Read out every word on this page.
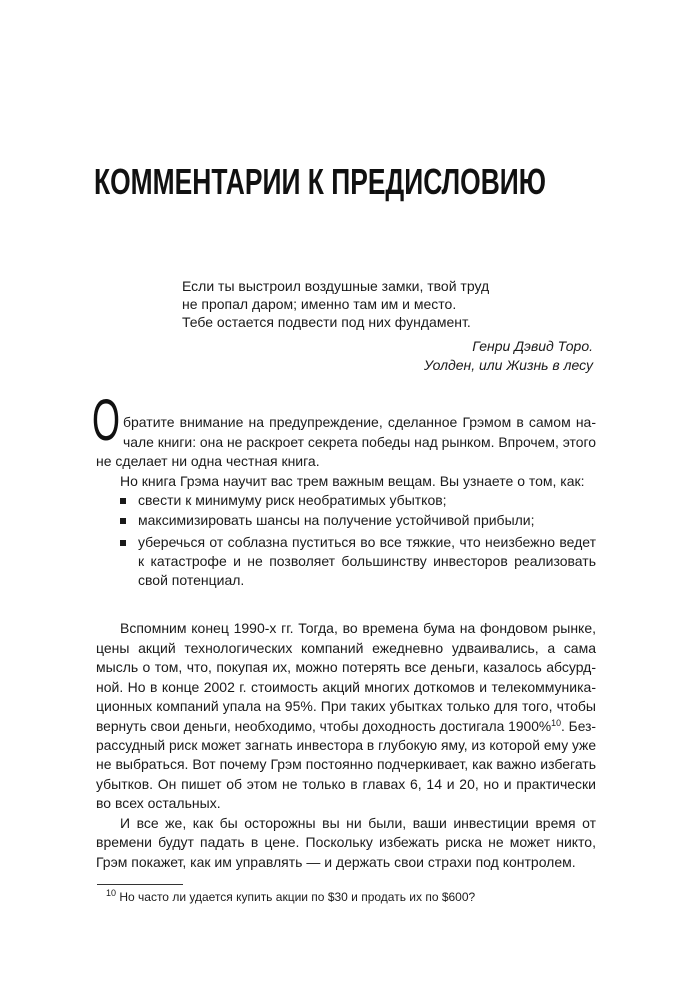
КОММЕНТАРИИ К ПРЕДИСЛОВИЮ
Если ты выстроил воздушные замки, твой труд
не пропал даром; именно там им и место.
Тебе остается подвести под них фундамент.
Генри Дэвид Торо.
Уолден, или Жизнь в лесу
О братите внимание на предупреждение, сделанное Грэмом в самом на-
чале книги: она не раскроет секрета победы над рынком. Впрочем, этого
не сделает ни одна честная книга.
Но книга Грэма научит вас трем важным вещам. Вы узнаете о том, как:
свести к минимуму риск необратимых убытков;
максимизировать шансы на получение устойчивой прибыли;
уберечься от соблазна пуститься во все тяжкие, что неизбежно ведет
к катастрофе и не позволяет большинству инвесторов реализовать
свой потенциал.
Вспомним конец 1990-х гг. Тогда, во времена бума на фондовом рынке,
цены акций технологических компаний ежедневно удваивались, а сама
мысль о том, что, покупая их, можно потерять все деньги, казалось абсурд-
ной. Но в конце 2002 г. стоимость акций многих доткомов и телекоммуника-
ционных компаний упала на 95%. При таких убытках только для того, чтобы
вернуть свои деньги, необходимо, чтобы доходность достигала 1900%$^{10}$. Без-
рассудный риск может загнать инвестора в глубокую яму, из которой ему уже
не выбраться. Вот почему Грэм постоянно подчеркивает, как важно избегать
убытков. Он пишет об этом не только в главах 6, 14 и 20, но и практически
во всех остальных.
И все же, как бы осторожны вы ни были, ваши инвестиции время от
времени будут падать в цене. Поскольку избежать риска не может никто,
Грэм покажет, как им управлять — и держать свои страхи под контролем.
$^{10}$ Но часто ли удается купить акции по $30 и продать их по $600?
